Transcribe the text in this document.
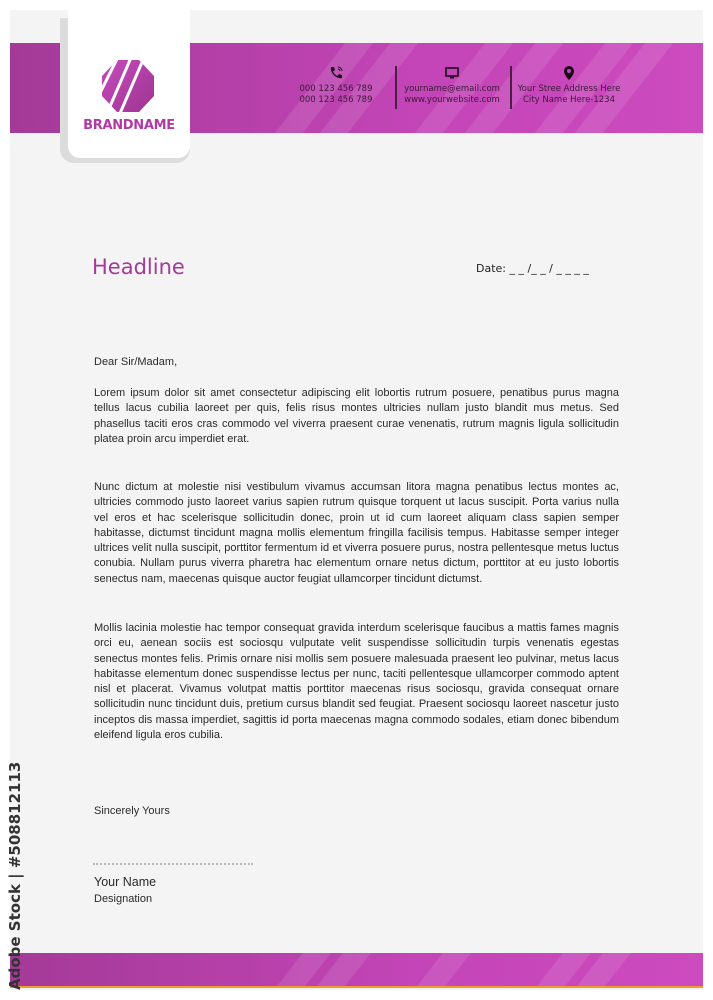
BRANDNAME
000 123 456 789
000 123 456 789
yourname@email.com
www.yourwebsite.com
Your Stree Address Here
City Name Here-1234
Headline	Date: _ _ /_ _ / _ _ _ _
Dear Sir/Madam,
Lorem ipsum dolor sit amet consectetur adipiscing elit lobortis rutrum posuere, penatibus purus magna tellus lacus cubilia laoreet per quis, felis risus montes ultricies nullam justo blandit mus metus. Sed phasellus taciti eros cras commodo vel viverra praesent curae venenatis, rutrum magnis ligula sollicitudin platea proin arcu imperdiet erat.
Nunc dictum at molestie nisi vestibulum vivamus accumsan litora magna penatibus lectus montes ac, ultricies commodo justo laoreet varius sapien rutrum quisque torquent ut lacus suscipit. Porta varius nulla vel eros et hac scelerisque sollicitudin donec, proin ut id cum laoreet aliquam class sapien semper habitasse, dictumst tincidunt magna mollis elementum fringilla facilisis tempus. Habitasse semper integer ultrices velit nulla suscipit, porttitor fermentum id et viverra posuere purus, nostra pellentesque metus luctus conubia. Nullam purus viverra pharetra hac elementum ornare netus dictum, porttitor at eu justo lobortis senectus nam, maecenas quisque auctor feugiat ullamcorper tincidunt dictumst.
Mollis lacinia molestie hac tempor consequat gravida interdum scelerisque faucibus a mattis fames magnis orci eu, aenean sociis est sociosqu vulputate velit suspendisse sollicitudin turpis venenatis egestas senectus montes felis. Primis ornare nisi mollis sem posuere malesuada praesent leo pulvinar, metus lacus habitasse elementum donec suspendisse lectus per nunc, taciti pellentesque ullamcorper commodo aptent nisl et placerat. Vivamus volutpat mattis porttitor maecenas risus sociosqu, gravida consequat ornare sollicitudin nunc tincidunt duis, pretium cursus blandit sed feugiat. Praesent sociosqu laoreet nascetur justo inceptos dis massa imperdiet, sagittis id porta maecenas magna commodo sodales, etiam donec bibendum eleifend ligula eros cubilia.
Sincerely Yours
Your Name
Designation
Adobe Stock | #508812113
